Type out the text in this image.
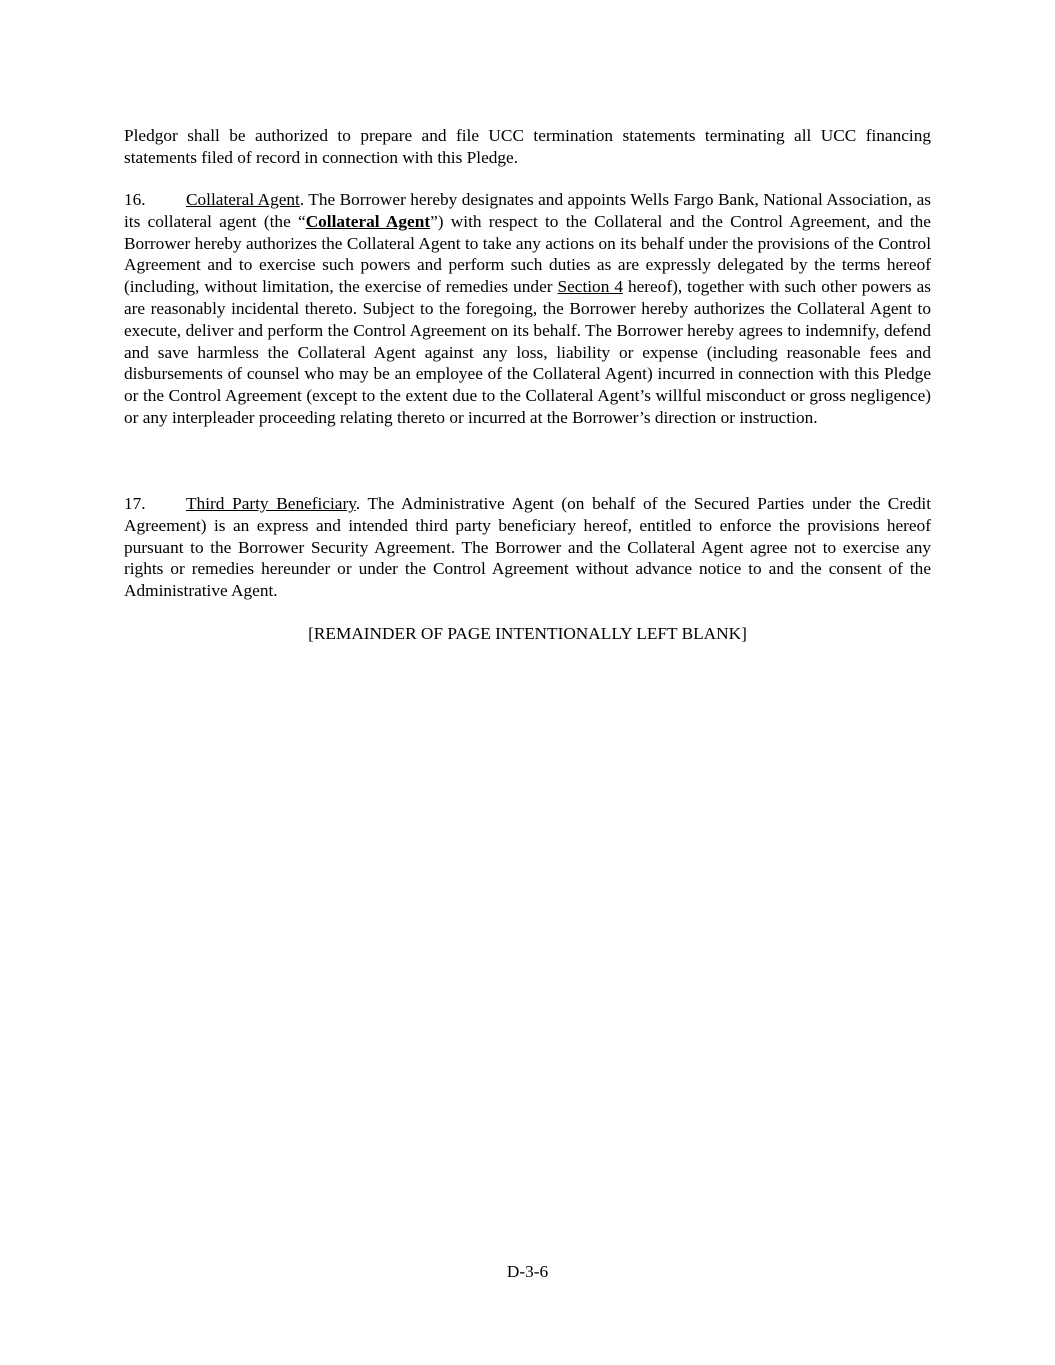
Pledgor shall be authorized to prepare and file UCC termination statements terminating all UCC financing statements filed of record in connection with this Pledge.

16. Collateral Agent. The Borrower hereby designates and appoints Wells Fargo Bank, National Association, as its collateral agent (the “Collateral Agent”) with respect to the Collateral and the Control Agreement, and the Borrower hereby authorizes the Collateral Agent to take any actions on its behalf under the provisions of the Control Agreement and to exercise such powers and perform such duties as are expressly delegated by the terms hereof (including, without limitation, the exercise of remedies under Section 4 hereof), together with such other powers as are reasonably incidental thereto. Subject to the foregoing, the Borrower hereby authorizes the Collateral Agent to execute, deliver and perform the Control Agreement on its behalf. The Borrower hereby agrees to indemnify, defend and save harmless the Collateral Agent against any loss, liability or expense (including reasonable fees and disbursements of counsel who may be an employee of the Collateral Agent) incurred in connection with this Pledge or the Control Agreement (except to the extent due to the Collateral Agent’s willful misconduct or gross negligence) or any interpleader proceeding relating thereto or incurred at the Borrower’s direction or instruction.

17. Third Party Beneficiary. The Administrative Agent (on behalf of the Secured Parties under the Credit Agreement) is an express and intended third party beneficiary hereof, entitled to enforce the provisions hereof pursuant to the Borrower Security Agreement. The Borrower and the Collateral Agent agree not to exercise any rights or remedies hereunder or under the Control Agreement without advance notice to and the consent of the Administrative Agent.

[REMAINDER OF PAGE INTENTIONALLY LEFT BLANK]

D-3-6
